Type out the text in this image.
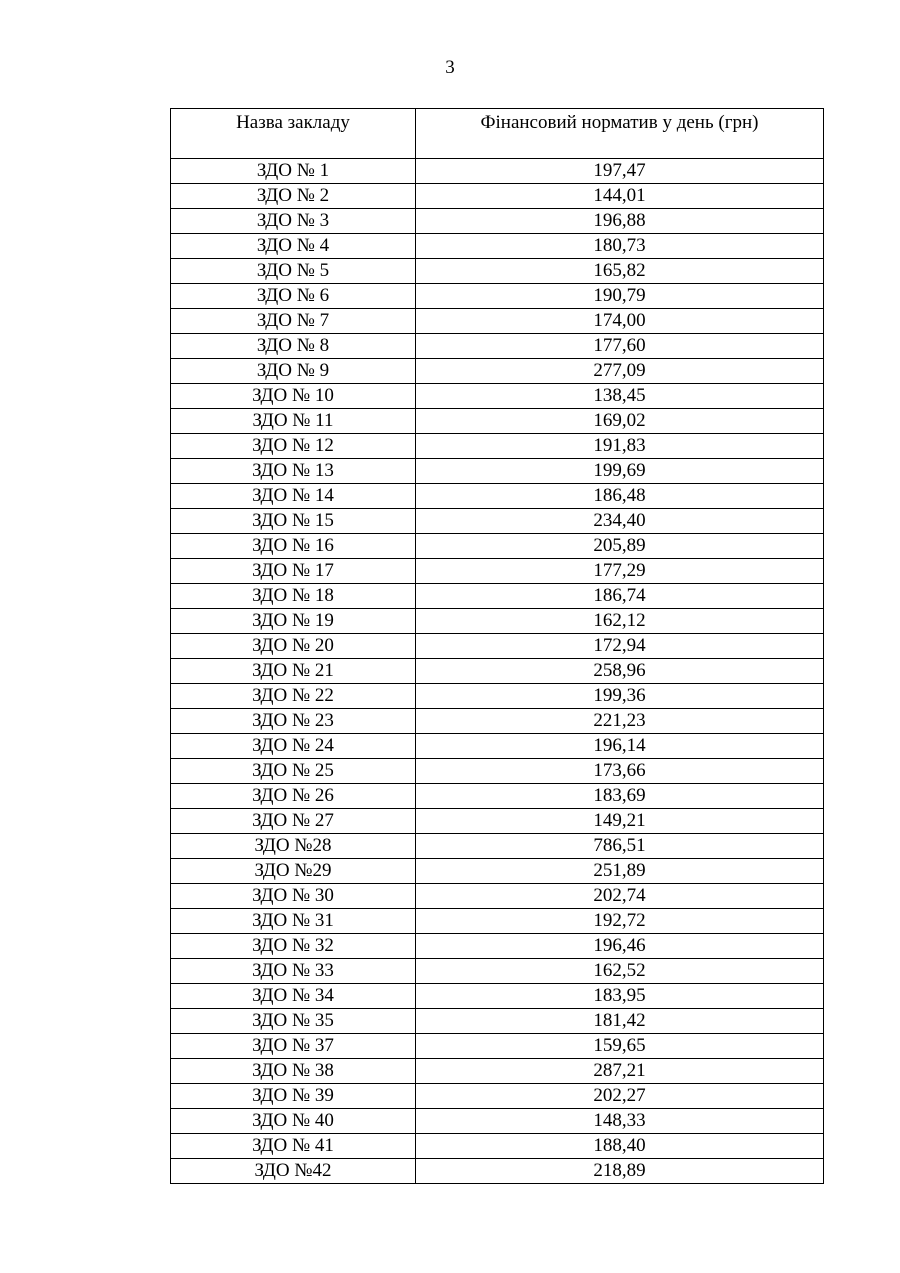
3
Назва закладу	Фінансовий норматив у день (грн)
ЗДО № 1	197,47
ЗДО № 2	144,01
ЗДО № 3	196,88
ЗДО № 4	180,73
ЗДО № 5	165,82
ЗДО № 6	190,79
ЗДО № 7	174,00
ЗДО № 8	177,60
ЗДО № 9	277,09
ЗДО № 10	138,45
ЗДО № 11	169,02
ЗДО № 12	191,83
ЗДО № 13	199,69
ЗДО № 14	186,48
ЗДО № 15	234,40
ЗДО № 16	205,89
ЗДО № 17	177,29
ЗДО № 18	186,74
ЗДО № 19	162,12
ЗДО № 20	172,94
ЗДО № 21	258,96
ЗДО № 22	199,36
ЗДО № 23	221,23
ЗДО № 24	196,14
ЗДО № 25	173,66
ЗДО № 26	183,69
ЗДО № 27	149,21
ЗДО №28	786,51
ЗДО №29	251,89
ЗДО № 30	202,74
ЗДО № 31	192,72
ЗДО № 32	196,46
ЗДО № 33	162,52
ЗДО № 34	183,95
ЗДО № 35	181,42
ЗДО № 37	159,65
ЗДО № 38	287,21
ЗДО № 39	202,27
ЗДО № 40	148,33
ЗДО № 41	188,40
ЗДО №42	218,89
